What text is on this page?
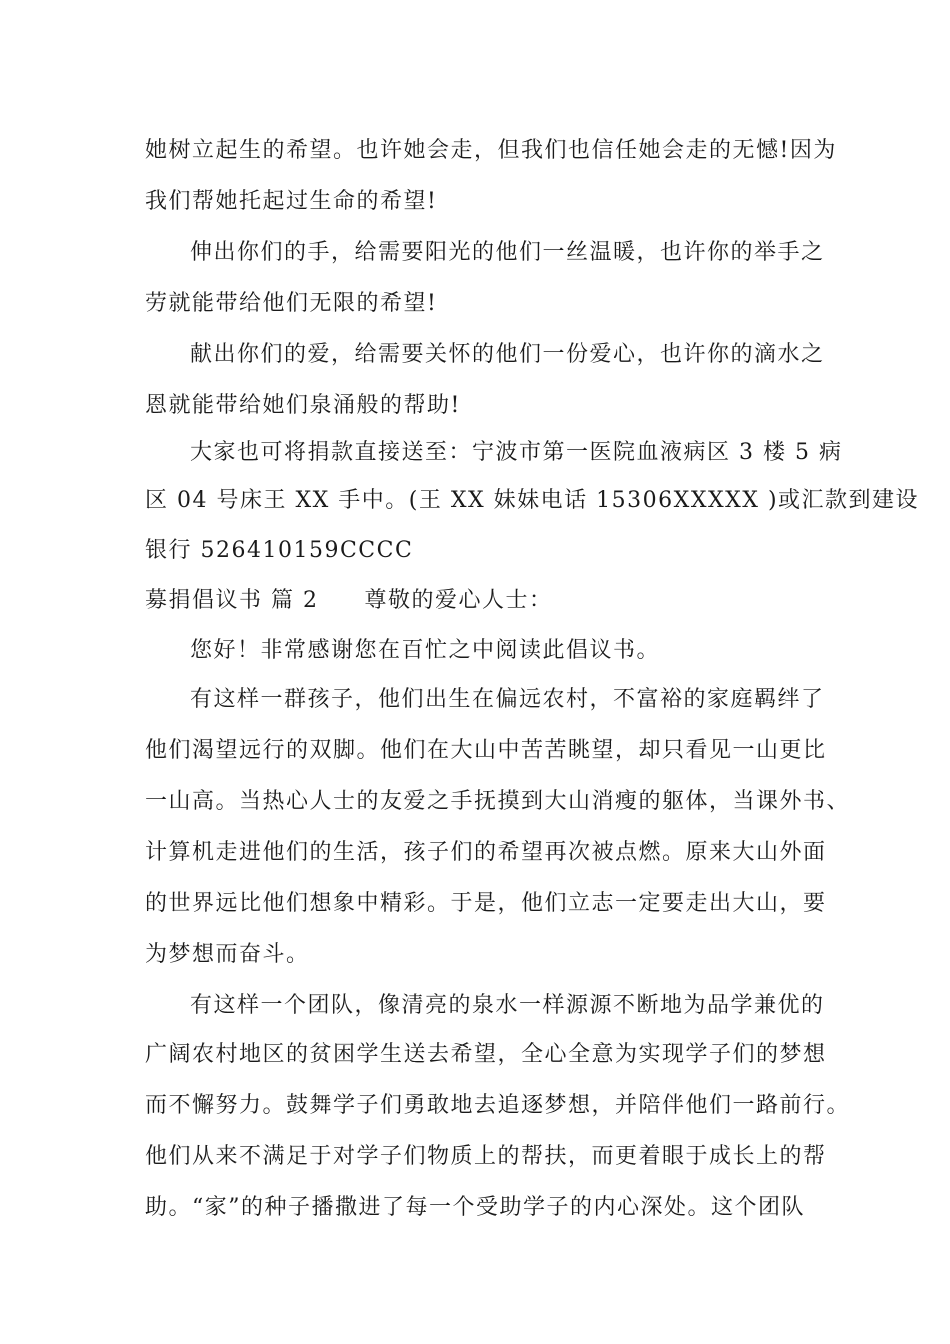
她树立起生的希望。也许她会走，但我们也信任她会走的无憾!因为
我们帮她托起过生命的希望!
伸出你们的手，给需要阳光的他们一丝温暖，也许你的举手之
劳就能带给他们无限的希望!
献出你们的爱，给需要关怀的他们一份爱心，也许你的滴水之
恩就能带给她们泉涌般的帮助!
大家也可将捐款直接送至：宁波市第一医院血液病区 3 楼 5 病
区 04 号床王 XX 手中。(王 XX 妹妹电话 15306XXXXX )或汇款到建设
银行 526410159CCCC
募捐倡议书 篇 2 尊敬的爱心人士：
您好！非常感谢您在百忙之中阅读此倡议书。
有这样一群孩子，他们出生在偏远农村，不富裕的家庭羁绊了
他们渴望远行的双脚。他们在大山中苦苦眺望，却只看见一山更比
一山高。当热心人士的友爱之手抚摸到大山消瘦的躯体，当课外书、
计算机走进他们的生活，孩子们的希望再次被点燃。原来大山外面
的世界远比他们想象中精彩。于是，他们立志一定要走出大山，要
为梦想而奋斗。
有这样一个团队，像清亮的泉水一样源源不断地为品学兼优的
广阔农村地区的贫困学生送去希望，全心全意为实现学子们的梦想
而不懈努力。鼓舞学子们勇敢地去追逐梦想，并陪伴他们一路前行。
他们从来不满足于对学子们物质上的帮扶，而更着眼于成长上的帮
助。“家”的种子播撒进了每一个受助学子的内心深处。这个团队
